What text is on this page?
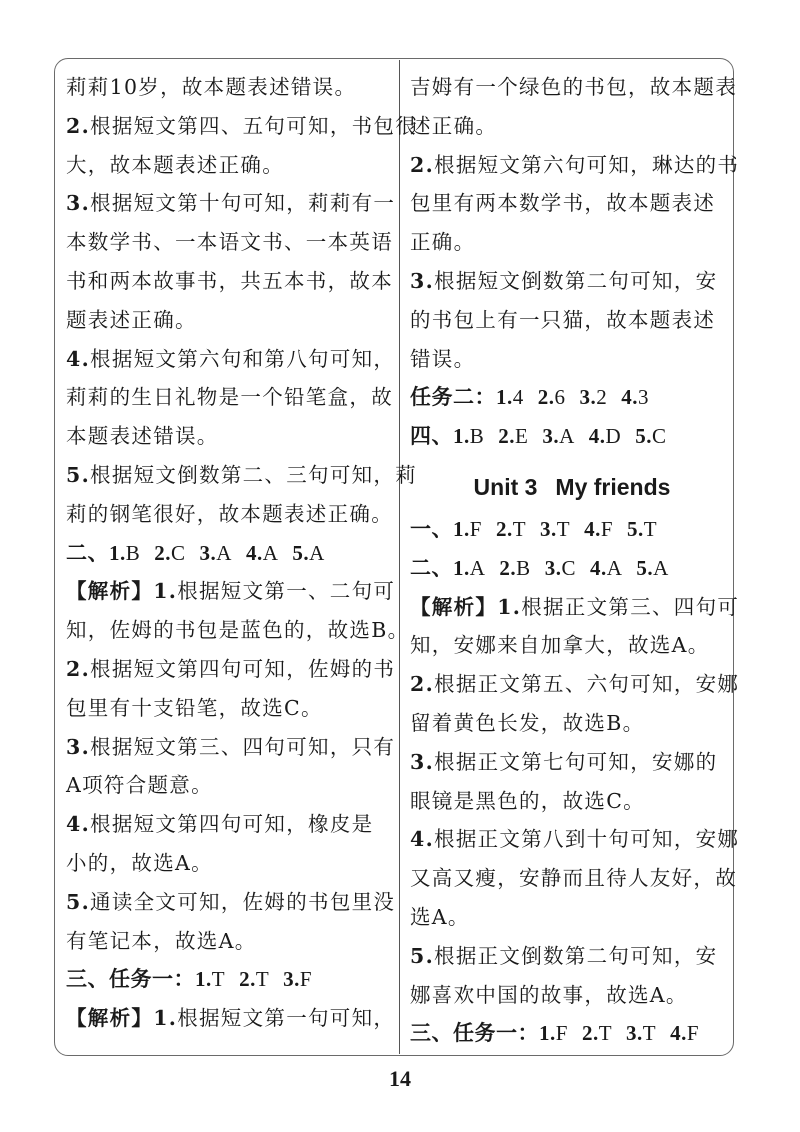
莉莉10岁，故本题表述错误。
2.根据短文第四、五句可知，书包很
大，故本题表述正确。
3.根据短文第十句可知，莉莉有一
本数学书、一本语文书、一本英语
书和两本故事书，共五本书，故本
题表述正确。
4.根据短文第六句和第八句可知，
莉莉的生日礼物是一个铅笔盒，故
本题表述错误。
5.根据短文倒数第二、三句可知，莉
莉的钢笔很好，故本题表述正确。
二、1.B 2.C 3.A 4.A 5.A
【解析】1.根据短文第一、二句可
知，佐姆的书包是蓝色的，故选B。
2.根据短文第四句可知，佐姆的书
包里有十支铅笔，故选C。
3.根据短文第三、四句可知，只有
A项符合题意。
4.根据短文第四句可知，橡皮是
小的，故选A。
5.通读全文可知，佐姆的书包里没
有笔记本，故选A。
三、任务一：1.T 2.T 3.F
【解析】1.根据短文第一句可知，
吉姆有一个绿色的书包，故本题表
述正确。
2.根据短文第六句可知，琳达的书
包里有两本数学书，故本题表述
正确。
3.根据短文倒数第二句可知，安
的书包上有一只猫，故本题表述
错误。
任务二：1.4 2.6 3.2 4.3
四、1.B 2.E 3.A 4.D 5.C
Unit 3 My friends
一、1.F 2.T 3.T 4.F 5.T
二、1.A 2.B 3.C 4.A 5.A
【解析】1.根据正文第三、四句可
知，安娜来自加拿大，故选A。
2.根据正文第五、六句可知，安娜
留着黄色长发，故选B。
3.根据正文第七句可知，安娜的
眼镜是黑色的，故选C。
4.根据正文第八到十句可知，安娜
又高又瘦，安静而且待人友好，故
选A。
5.根据正文倒数第二句可知，安
娜喜欢中国的故事，故选A。
三、任务一：1.F 2.T 3.T 4.F
14
